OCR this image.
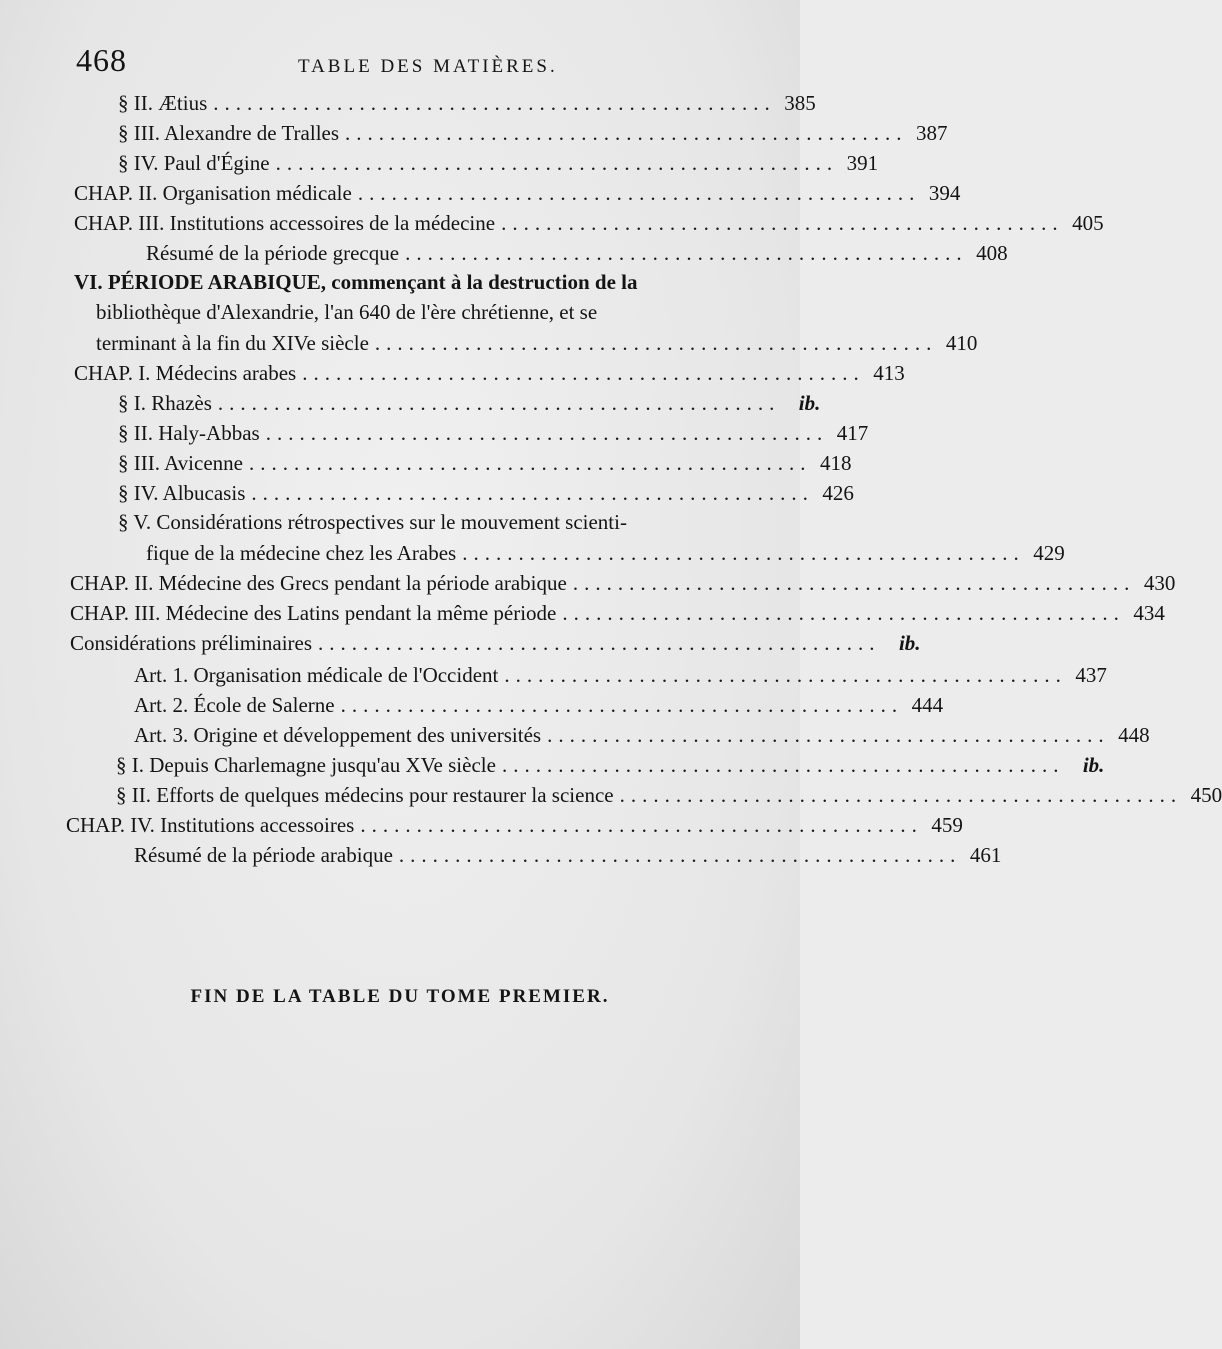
468	TABLE DES MATIÈRES.
§ II. Ætius .................................................. 385
§ III. Alexandre de Tralles .................................................. 387
§ IV. Paul d'Égine .................................................. 391
CHAP. II. Organisation médicale .................................................. 394
CHAP. III. Institutions accessoires de la médecine .................................................. 405
Résumé de la période grecque .................................................. 408
VI. PÉRIODE ARABIQUE, commençant à la destruction de la
bibliothèque d'Alexandrie, l'an 640 de l'ère chrétienne, et se
terminant à la fin du XIVe siècle .................................................. 410
CHAP. I. Médecins arabes .................................................. 413
§ I. Rhazès .................................................. ib.
§ II. Haly-Abbas .................................................. 417
§ III. Avicenne .................................................. 418
§ IV. Albucasis .................................................. 426
§ V. Considérations rétrospectives sur le mouvement scienti-
fique de la médecine chez les Arabes .................................................. 429
CHAP. II. Médecine des Grecs pendant la période arabique .................................................. 430
CHAP. III. Médecine des Latins pendant la même période .................................................. 434
Considérations préliminaires .................................................. ib.
Art. 1. Organisation médicale de l'Occident .................................................. 437
Art. 2. École de Salerne .................................................. 444
Art. 3. Origine et développement des universités .................................................. 448
§ I. Depuis Charlemagne jusqu'au XVe siècle .................................................. ib.
§ II. Efforts de quelques médecins pour restaurer la science .................................................. 450
CHAP. IV. Institutions accessoires .................................................. 459
Résumé de la période arabique .................................................. 461
FIN DE LA TABLE DU TOME PREMIER.
